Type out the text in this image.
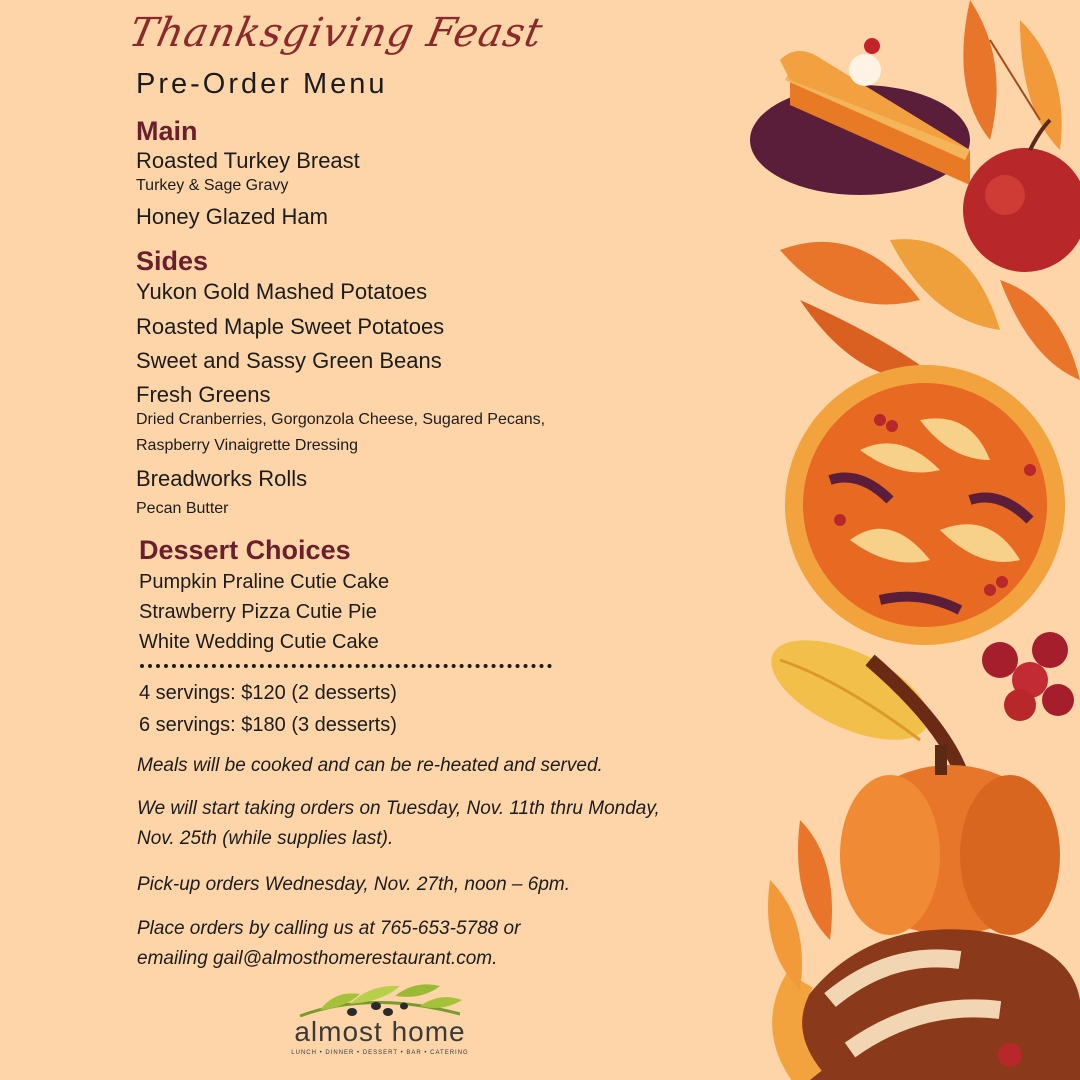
Thanksgiving Feast
Pre-Order Menu
Main
Roasted Turkey Breast
Turkey & Sage Gravy
Honey Glazed Ham
Sides
Yukon Gold Mashed Potatoes
Roasted Maple Sweet Potatoes
Sweet and Sassy Green Beans
Fresh Greens
Dried Cranberries, Gorgonzola Cheese, Sugared Pecans,
Raspberry Vinaigrette Dressing
Breadworks Rolls
Pecan Butter
Dessert Choices
Pumpkin Praline Cutie Cake
Strawberry Pizza Cutie Pie
White Wedding Cutie Cake
4 servings: $120 (2 desserts)
6 servings: $180 (3 desserts)
Meals will be cooked and can be re-heated and served.
We will start taking orders on Tuesday, Nov. 11th thru Monday,
Nov. 25th (while supplies last).
Pick-up orders Wednesday, Nov. 27th, noon – 6pm.
Place orders by calling us at 765-653-5788 or
emailing gail@almosthomerestaurant.com.
almost home
LUNCH • DINNER • DESSERT • BAR • CATERING
